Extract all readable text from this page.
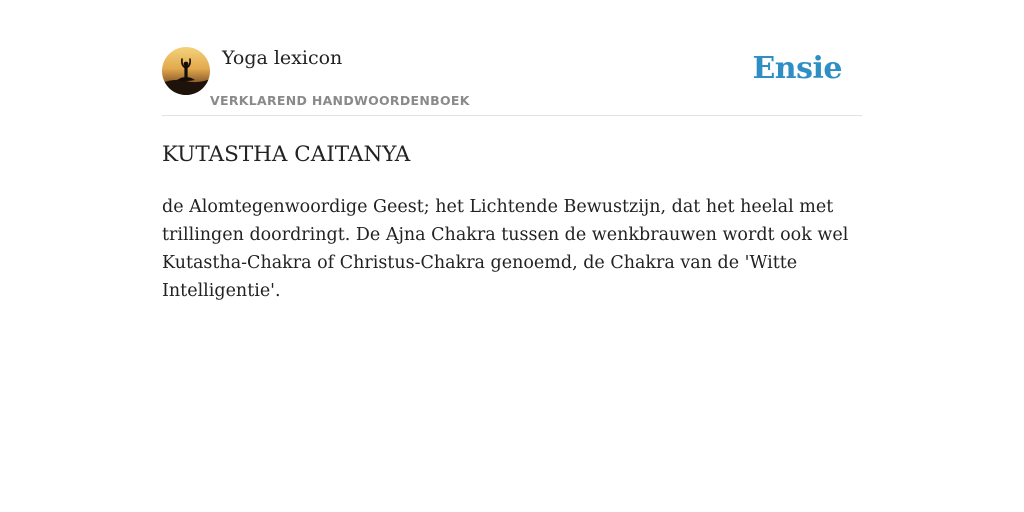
Yoga lexicon
VERKLAREND HANDWOORDENBOEK
Ensie
KUTASTHA CAITANYA

de Alomtegenwoordige Geest; het Lichtende Bewustzijn, dat het heelal met trillingen doordringt. De Ajna Chakra tussen de wenkbrauwen wordt ook wel Kutastha-Chakra of Christus-Chakra genoemd, de Chakra van de 'Witte Intelligentie'.
